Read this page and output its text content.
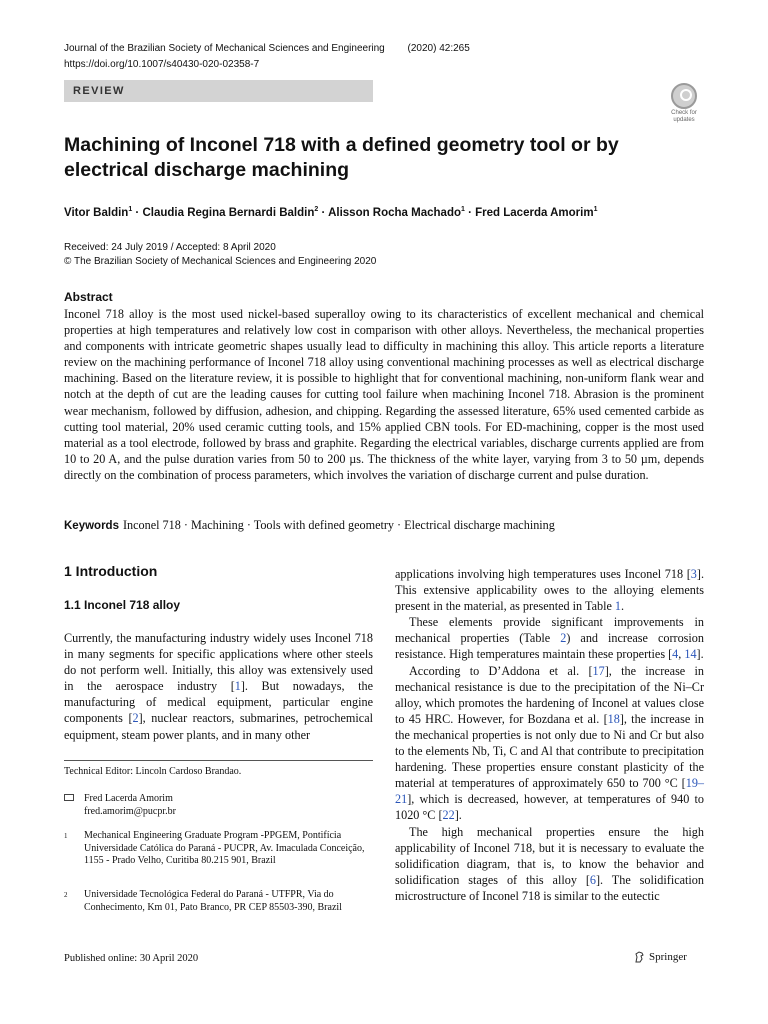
Journal of the Brazilian Society of Mechanical Sciences and Engineering (2020) 42:265
https://doi.org/10.1007/s40430-020-02358-7
REVIEW
Check for
updates
Machining of Inconel 718 with a defined geometry tool or by electrical discharge machining
Vitor Baldin$^1$ · Claudia Regina Bernardi Baldin$^2$ · Alisson Rocha Machado$^1$ · Fred Lacerda Amorim$^1$
Received: 24 July 2019 / Accepted: 8 April 2020
© The Brazilian Society of Mechanical Sciences and Engineering 2020
Abstract
Inconel 718 alloy is the most used nickel-based superalloy owing to its characteristics of excellent mechanical and chemical properties at high temperatures and relatively low cost in comparison with other alloys. Nevertheless, the mechanical properties and components with intricate geometric shapes usually lead to difficulty in machining this alloy. This article reports a literature review on the machining performance of Inconel 718 alloy using conventional machining processes as well as electrical discharge machining. Based on the literature review, it is possible to highlight that for conventional machining, non-uniform flank wear and notch at the depth of cut are the leading causes for cutting tool failure when machining Inconel 718. Abrasion is the prominent wear mechanism, followed by diffusion, adhesion, and chipping. Regarding the assessed literature, 65% used cemented carbide as cutting tool material, 20% used ceramic cutting tools, and 15% applied CBN tools. For ED-machining, copper is the most used material as a tool electrode, followed by brass and graphite. Regarding the electrical variables, discharge currents applied are from 10 to 20 A, and the pulse duration varies from 50 to 200 µs. The thickness of the white layer, varying from 3 to 50 µm, depends directly on the combination of process parameters, which involves the variation of discharge current and pulse duration.
Keywords Inconel 718 · Machining · Tools with defined geometry · Electrical discharge machining
1 Introduction
1.1 Inconel 718 alloy

Currently, the manufacturing industry widely uses Inconel 718 in many segments for specific applications where other steels do not perform well. Initially, this alloy was extensively used in the aerospace industry [1]. But nowadays, the manufacturing of medical equipment, particular engine components [2], nuclear reactors, submarines, petrochemical equipment, steam power plants, and in many other

applications involving high temperatures uses Inconel 718 [3]. This extensive applicability owes to the alloying elements present in the material, as presented in Table 1.

These elements provide significant improvements in mechanical properties (Table 2) and increase corrosion resistance. High temperatures maintain these properties [4, 14].

According to D’Addona et al. [17], the increase in mechanical resistance is due to the precipitation of the Ni–Cr alloy, which promotes the hardening of Inconel at values close to 45 HRC. However, for Bozdana et al. [18], the increase in the mechanical properties is not only due to Ni and Cr but also to the elements Nb, Ti, C and Al that contribute to precipitation hardening. These properties ensure constant plasticity of the material at temperatures of approximately 650 to 700 °C [19–21], which is decreased, however, at temperatures of 940 to 1020 °C [22].

The high mechanical properties ensure the high applicability of Inconel 718, but it is necessary to evaluate the solidification diagram, that is, to know the behavior and solidification stages of this alloy [6]. The solidification microstructure of Inconel 718 is similar to the eutectic

Technical Editor: Lincoln Cardoso Brandao.
Fred Lacerda Amorim
fred.amorim@pucpr.br
1 Mechanical Engineering Graduate Program -PPGEM, Pontifícia Universidade Católica do Paraná - PUCPR, Av. Imaculada Conceição, 1155 - Prado Velho, Curitiba 80.215 901, Brazil
2 Universidade Tecnológica Federal do Paraná - UTFPR, Via do Conhecimento, Km 01, Pato Branco, PR CEP 85503-390, Brazil
Published online: 30 April 2020	Springer
